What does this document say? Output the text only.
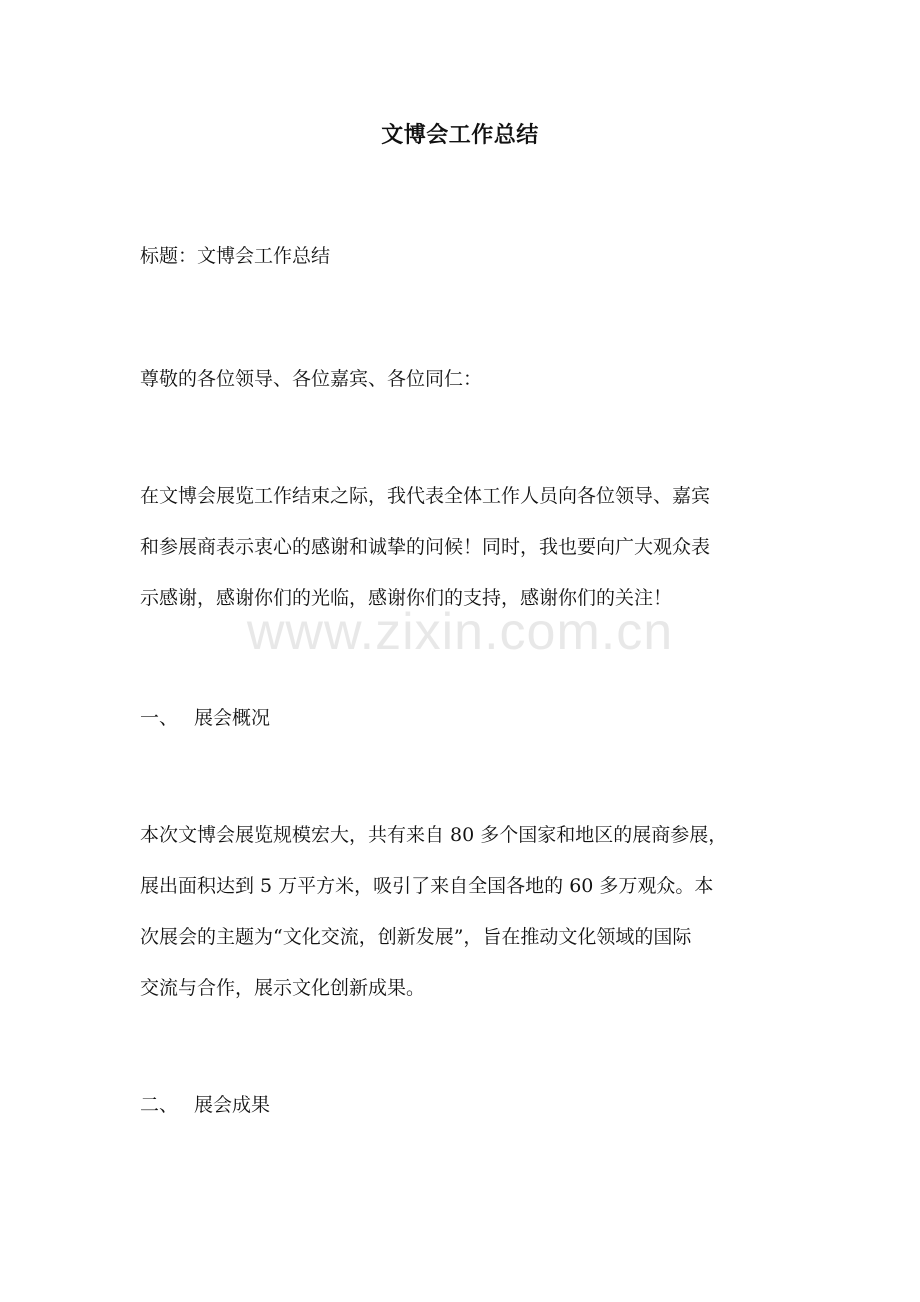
文博会工作总结
标题：文博会工作总结
尊敬的各位领导、各位嘉宾、各位同仁：

在文博会展览工作结束之际，我代表全体工作人员向各位领导、嘉宾

和参展商表示衷心的感谢和诚挚的问候！同时，我也要向广大观众表

示感谢，感谢你们的光临，感谢你们的支持，感谢你们的关注！

www.zixin.com.cn
一、 展会概况

本次文博会展览规模宏大，共有来自 80 多个国家和地区的展商参展，

展出面积达到 5 万平方米，吸引了来自全国各地的 60 多万观众。本

次展会的主题为“文化交流，创新发展”，旨在推动文化领域的国际

交流与合作，展示文化创新成果。

二、 展会成果
